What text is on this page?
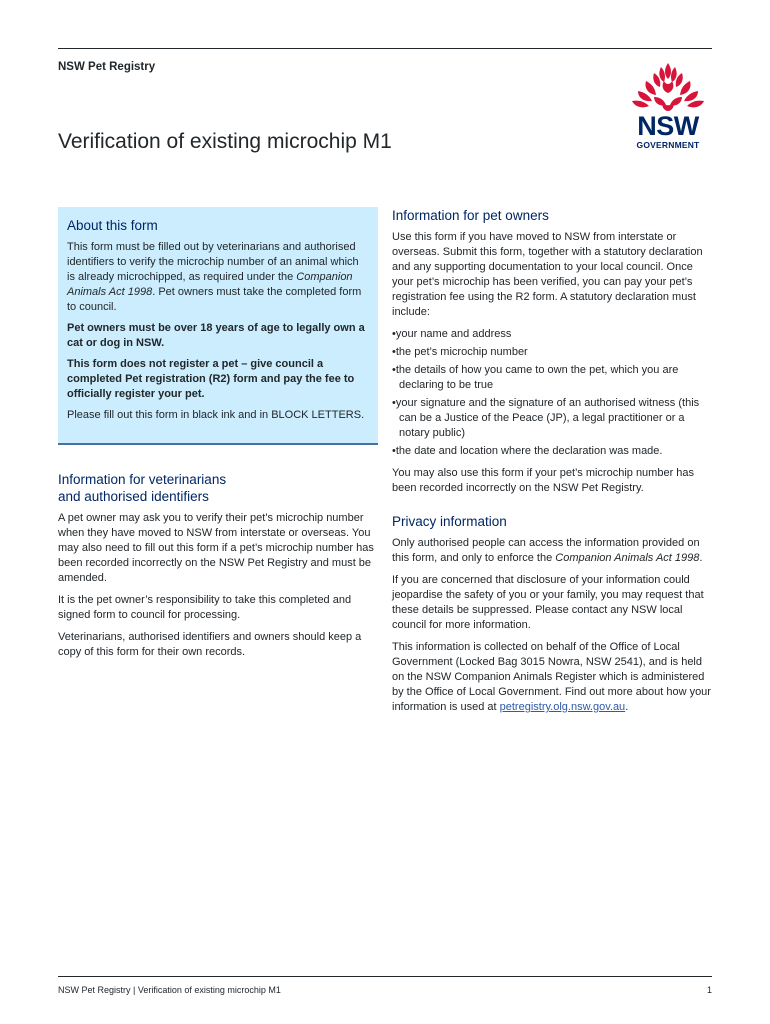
NSW Pet Registry
Verification of existing microchip M1
NSW
GOVERNMENT
About this form

This form must be filled out by veterinarians and authorised identifiers to verify the microchip number of an animal which is already microchipped, as required under the Companion Animals Act 1998. Pet owners must take the completed form to council.

Pet owners must be over 18 years of age to legally own a cat or dog in NSW.

This form does not register a pet – give council a completed Pet registration (R2) form and pay the fee to officially register your pet.

Please fill out this form in black ink and in BLOCK LETTERS.

Information for veterinarians
and authorised identifiers

A pet owner may ask you to verify their pet’s microchip number when they have moved to NSW from interstate or overseas. You may also need to fill out this form if a pet’s microchip number has been recorded incorrectly on the NSW Pet Registry and must be amended.

It is the pet owner’s responsibility to take this completed and signed form to council for processing.

Veterinarians, authorised identifiers and owners should keep a copy of this form for their own records.

Information for pet owners

Use this form if you have moved to NSW from interstate or overseas. Submit this form, together with a statutory declaration and any supporting documentation to your local council. Once your pet’s microchip has been verified, you can pay your pet’s registration fee using the R2 form. A statutory declaration must include:

• your name and address
• the pet’s microchip number
• the details of how you came to own the pet, which you are declaring to be true
• your signature and the signature of an authorised witness (this can be a Justice of the Peace (JP), a legal practitioner or a notary public)
• the date and location where the declaration was made.

You may also use this form if your pet’s microchip number has been recorded incorrectly on the NSW Pet Registry.

Privacy information

Only authorised people can access the information provided on this form, and only to enforce the Companion Animals Act 1998.

If you are concerned that disclosure of your information could jeopardise the safety of you or your family, you may request that these details be suppressed. Please contact any NSW local council for more information.

This information is collected on behalf of the Office of Local Government (Locked Bag 3015 Nowra, NSW 2541), and is held on the NSW Companion Animals Register which is administered by the Office of Local Government. Find out more about how your information is used at petregistry.olg.nsw.gov.au.

NSW Pet Registry | Verification of existing microchip M1	1
